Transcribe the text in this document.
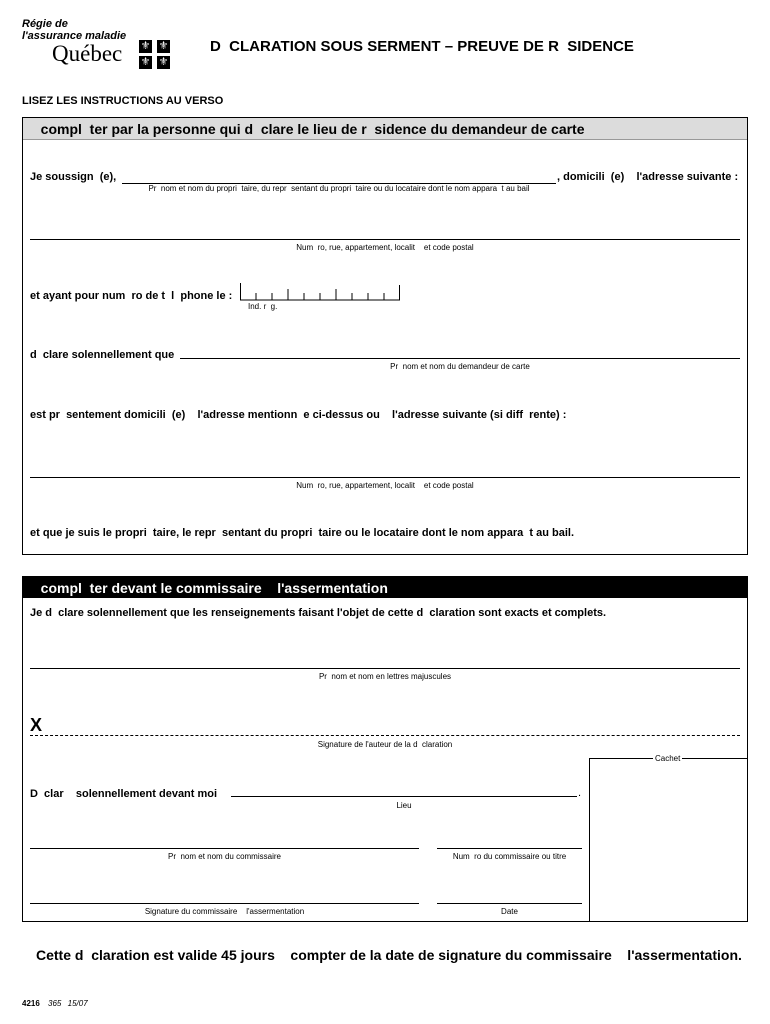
Régie de
l'assurance maladie
Québec ⚜ ⚜
⚜ ⚜
D  CLARATION SOUS SERMENT – PREUVE DE R  SIDENCE
LISEZ LES INSTRUCTIONS AU VERSO
compl  ter par la personne qui d  clare le lieu de r  sidence du demandeur de carte
Je soussign  (e),	, domicili  (e)    l'adresse suivante :
Pr  nom et nom du propri  taire, du repr  sentant du propri  taire ou du locataire dont le nom appara  t au bail
Num  ro, rue, appartement, localit    et code postal
et ayant pour num  ro de t  l  phone le :
Ind. r  g.
d  clare solennellement que
Pr  nom et nom du demandeur de carte
est pr  sentement domicili  (e)    l'adresse mentionn  e ci-dessus ou    l'adresse suivante (si diff  rente) :
Num  ro, rue, appartement, localit    et code postal
et que je suis le propri  taire, le repr  sentant du propri  taire ou le locataire dont le nom appara  t au bail.
compl  ter devant le commissaire    l'assermentation
Je d  clare solennellement que les renseignements faisant l'objet de cette d  claration sont exacts et complets.
Pr  nom et nom en lettres majuscules
X
Signature de l'auteur de la d  claration
Cachet
D  clar    solennellement devant moi	.
Lieu
Pr  nom et nom du commissaire	Num  ro du commissaire ou titre
Signature du commissaire    l'assermentation	Date
Cette d  claration est valide 45 jours    compter de la date de signature du commissaire    l'assermentation.
4216 365 15/07
